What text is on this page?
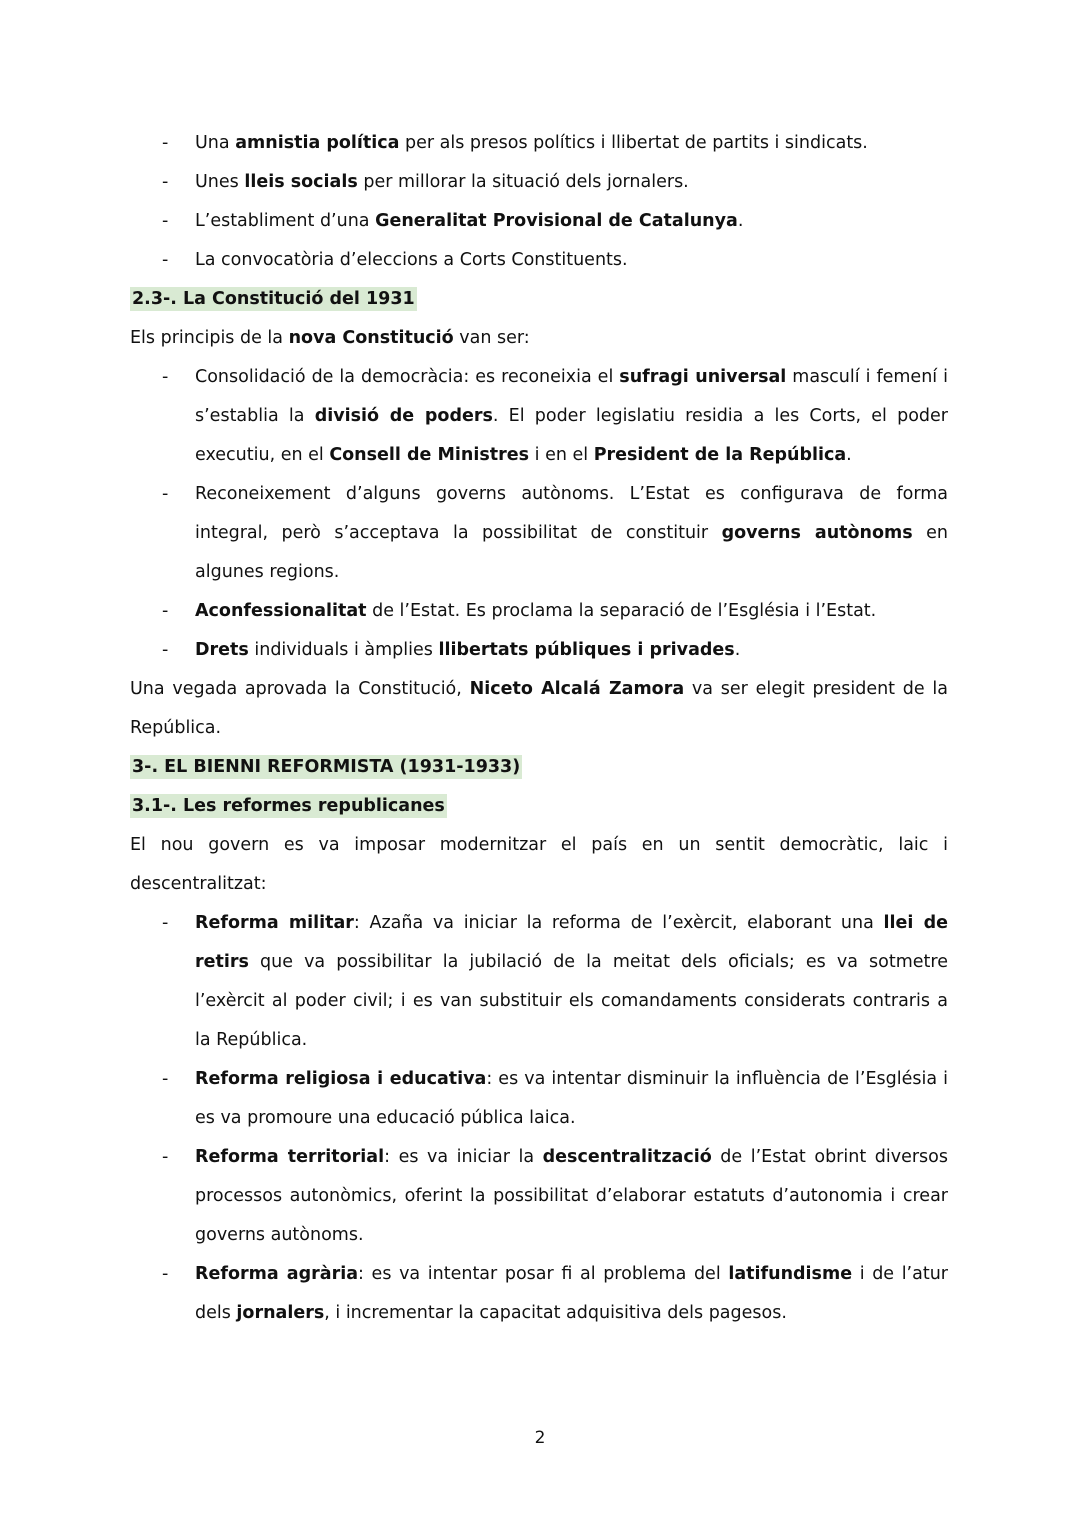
- Una amnistia política per als presos polítics i llibertat de partits i sindicats.

- Unes lleis socials per millorar la situació dels jornalers.

- L’establiment d’una Generalitat Provisional de Catalunya.

- La convocatòria d’eleccions a Corts Constituents.

2.3-. La Constitució del 1931

Els principis de la nova Constitució van ser:

- Consolidació de la democràcia: es reconeixia el sufragi universal masculí i femení i s’establia la divisió de poders. El poder legislatiu residia a les Corts, el poder executiu, en el Consell de Ministres i en el President de la República.

- Reconeixement d’alguns governs autònoms. L’Estat es configurava de forma integral, però s’acceptava la possibilitat de constituir governs autònoms en algunes regions.

- Aconfessionalitat de l’Estat. Es proclama la separació de l’Església i l’Estat.

- Drets individuals i àmplies llibertats públiques i privades.

Una vegada aprovada la Constitució, Niceto Alcalá Zamora va ser elegit president de la República.

3-. EL BIENNI REFORMISTA (1931-1933)

3.1-. Les reformes republicanes

El nou govern es va imposar modernitzar el país en un sentit democràtic, laic i descentralitzat:

- Reforma militar: Azaña va iniciar la reforma de l’exèrcit, elaborant una llei de retirs que va possibilitar la jubilació de la meitat dels oficials; es va sotmetre l’exèrcit al poder civil; i es van substituir els comandaments considerats contraris a la República.

- Reforma religiosa i educativa: es va intentar disminuir la influència de l’Església i es va promoure una educació pública laica.

- Reforma territorial: es va iniciar la descentralització de l’Estat obrint diversos processos autonòmics, oferint la possibilitat d’elaborar estatuts d’autonomia i crear governs autònoms.

- Reforma agrària: es va intentar posar fi al problema del latifundisme i de l’atur dels jornalers, i incrementar la capacitat adquisitiva dels pagesos.

2
